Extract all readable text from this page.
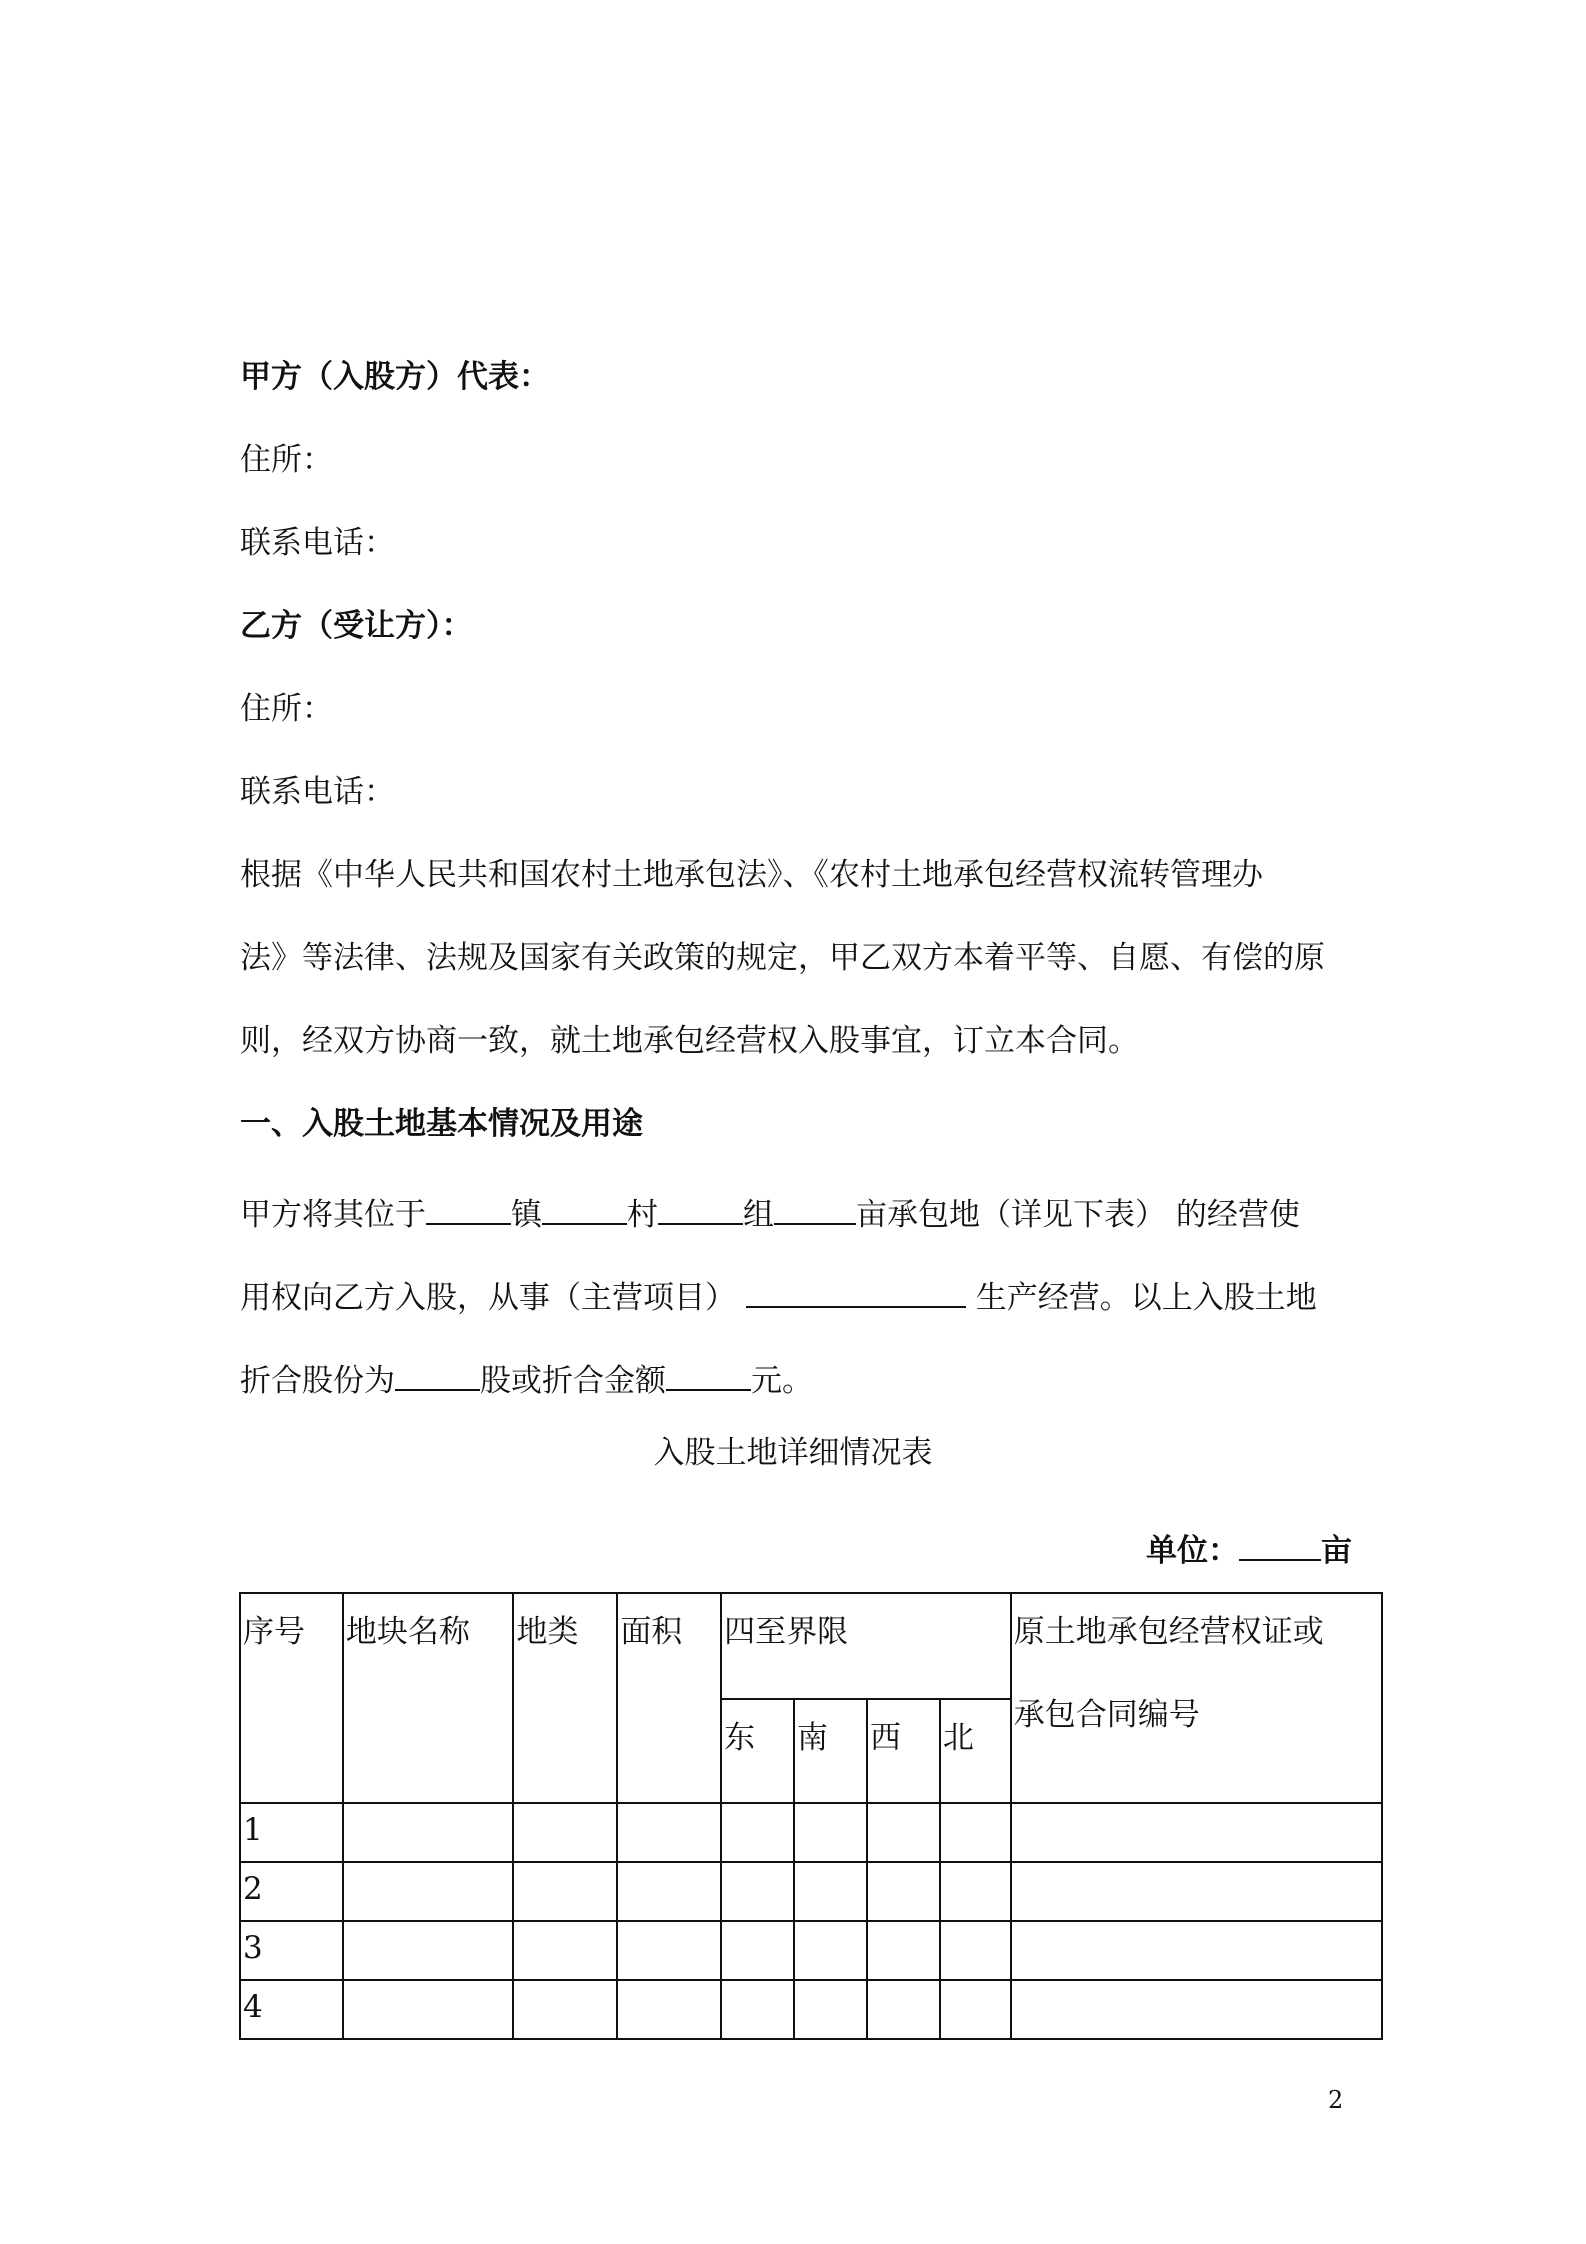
甲方（入股方）代表：

住所：

联系电话：

乙方（受让方）：

住所：

联系电话：

根据《中华人民共和国农村土地承包法》、《农村土地承包经营权流转管理办
法》等法律、法规及国家有关政策的规定，甲乙双方本着平等、自愿、有偿的原
则，经双方协商一致，就土地承包经营权入股事宜，订立本合同。

一、入股土地基本情况及用途

甲方将其位于	镇	村	组	亩承包地（详见下表） 的经营使
用权向乙方入股，从事（主营项目）	生产经营。以上入股土地
折合股份为	股或折合金额	元。

入股土地详细情况表

单位：	亩
序号	地块名称	地类	面积	四至界限				原土地承包经营权证或
承包合同编号

				东	南	西	北	
1								
2								
3								
4								
2
